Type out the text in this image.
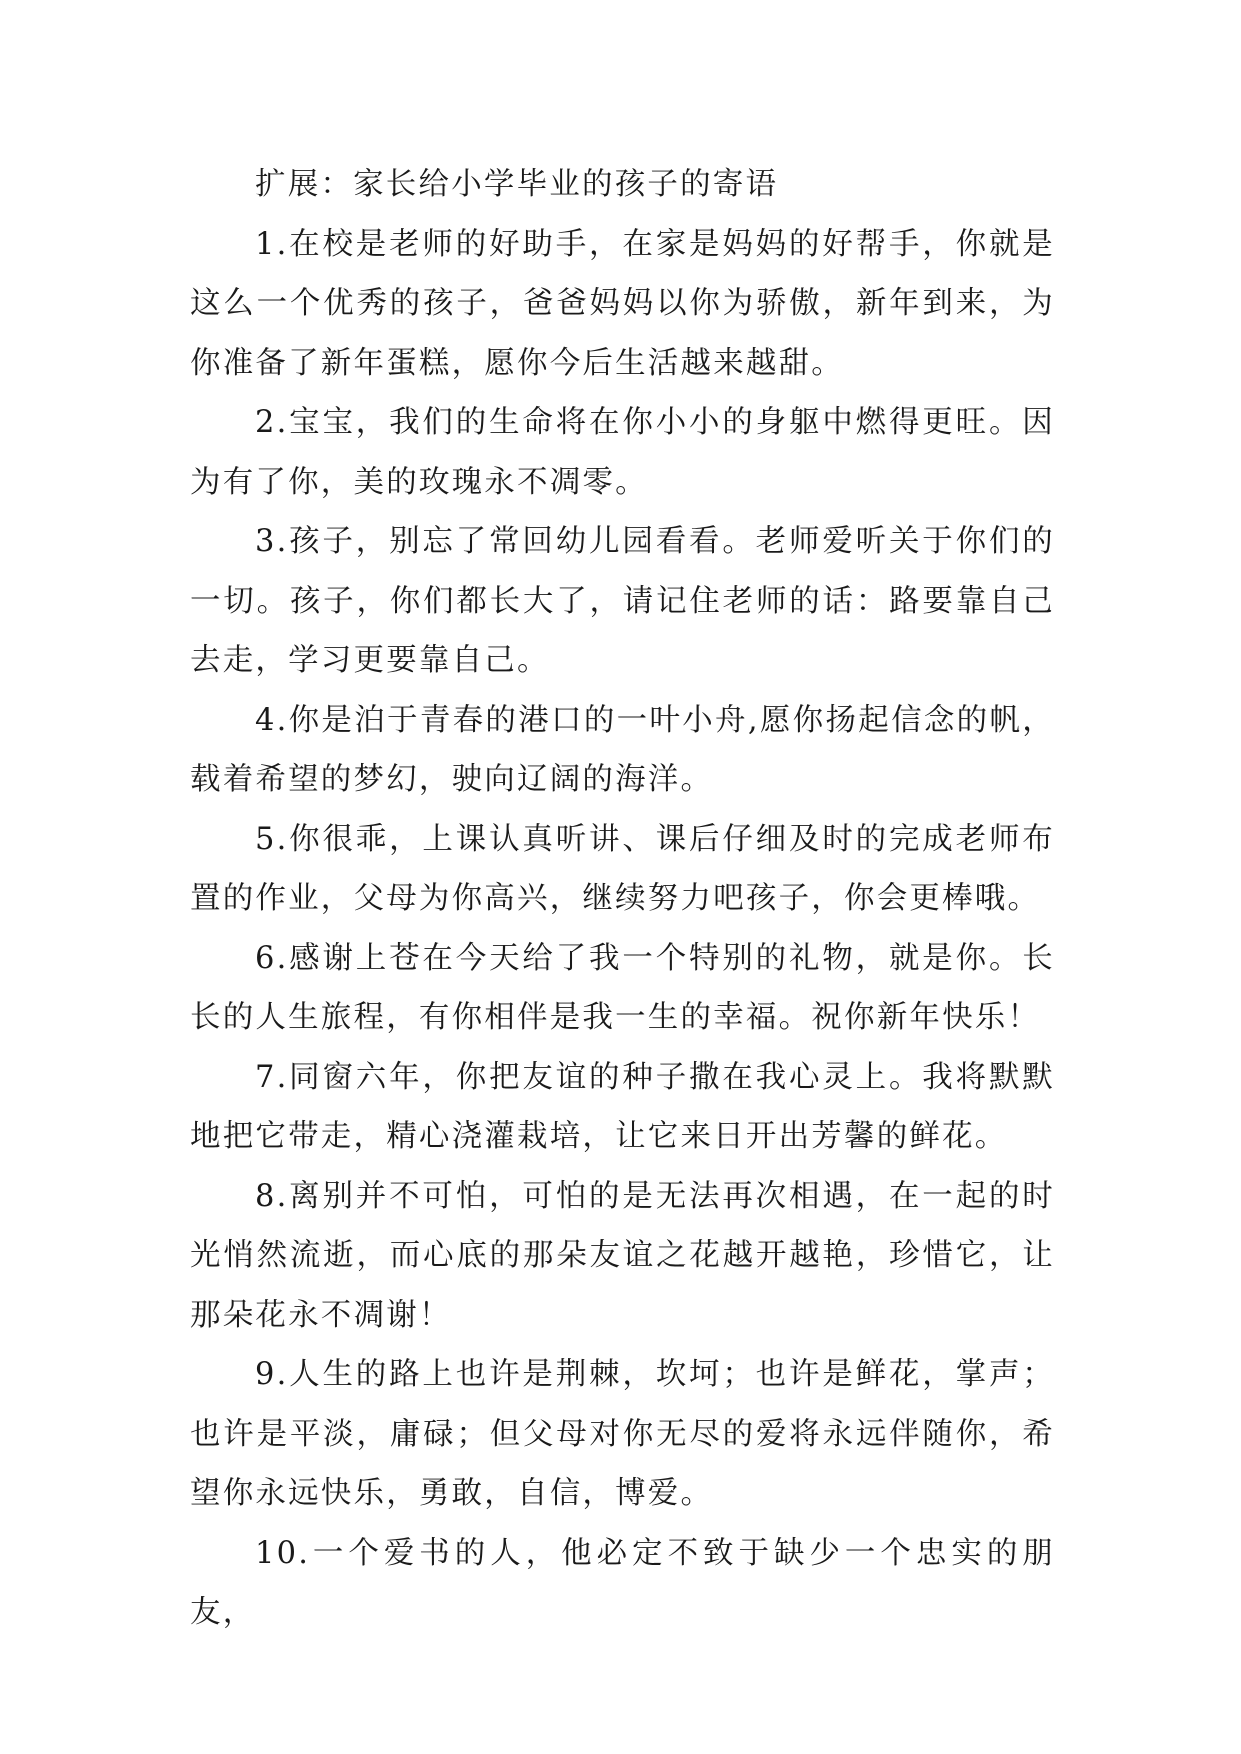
扩展：家长给小学毕业的孩子的寄语

1.在校是老师的好助手，在家是妈妈的好帮手，你就是这么一个优秀的孩子，爸爸妈妈以你为骄傲，新年到来，为你准备了新年蛋糕，愿你今后生活越来越甜。

2.宝宝，我们的生命将在你小小的身躯中燃得更旺。因为有了你，美的玫瑰永不凋零。

3.孩子，别忘了常回幼儿园看看。老师爱听关于你们的一切。孩子，你们都长大了，请记住老师的话：路要靠自己去走，学习更要靠自己。

4.你是泊于青春的港口的一叶小舟,愿你扬起信念的帆，载着希望的梦幻，驶向辽阔的海洋。

5.你很乖，上课认真听讲、课后仔细及时的完成老师布置的作业，父母为你高兴，继续努力吧孩子，你会更棒哦。

6.感谢上苍在今天给了我一个特别的礼物，就是你。长长的人生旅程，有你相伴是我一生的幸福。祝你新年快乐！

7.同窗六年，你把友谊的种子撒在我心灵上。我将默默地把它带走，精心浇灌栽培，让它来日开出芳馨的鲜花。

8.离别并不可怕，可怕的是无法再次相遇，在一起的时光悄然流逝，而心底的那朵友谊之花越开越艳，珍惜它，让那朵花永不凋谢！

9.人生的路上也许是荆棘，坎坷；也许是鲜花，掌声；也许是平淡，庸碌；但父母对你无尽的爱将永远伴随你，希望你永远快乐，勇敢，自信，博爱。

10.一个爱书的人，他必定不致于缺少一个忠实的朋友，
